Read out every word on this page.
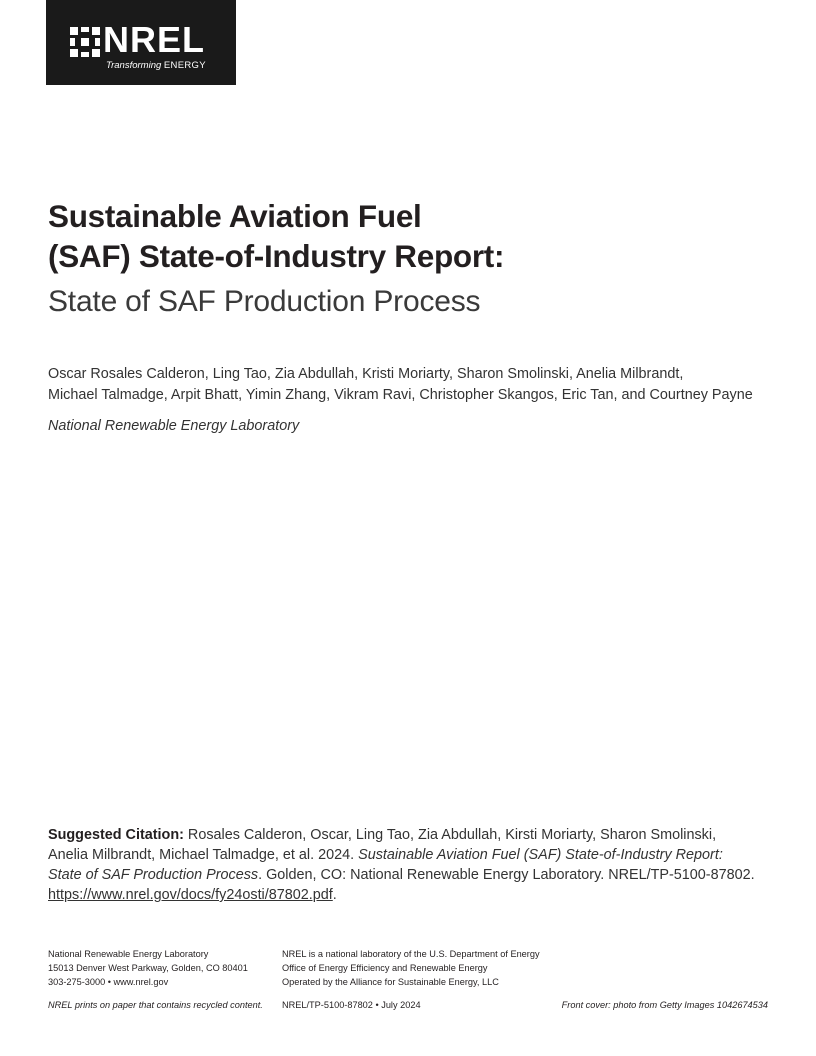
NREL
Transforming ENERGY
Sustainable Aviation Fuel
(SAF) State-of-Industry Report:
State of SAF Production Process
Oscar Rosales Calderon, Ling Tao, Zia Abdullah, Kristi Moriarty, Sharon Smolinski, Anelia Milbrandt,
Michael Talmadge, Arpit Bhatt, Yimin Zhang, Vikram Ravi, Christopher Skangos, Eric Tan, and Courtney Payne
National Renewable Energy Laboratory

Suggested Citation: Rosales Calderon, Oscar, Ling Tao, Zia Abdullah, Kirsti Moriarty, Sharon Smolinski, Anelia Milbrandt, Michael Talmadge, et al. 2024. Sustainable Aviation Fuel (SAF) State-of-Industry Report: State of SAF Production Process. Golden, CO: National Renewable Energy Laboratory. NREL/TP-5100-87802. https://www.nrel.gov/docs/fy24osti/87802.pdf.

National Renewable Energy Laboratory
15013 Denver West Parkway, Golden, CO 80401
303-275-3000 • www.nrel.gov
NREL is a national laboratory of the U.S. Department of Energy
Office of Energy Efficiency and Renewable Energy
Operated by the Alliance for Sustainable Energy, LLC
NREL prints on paper that contains recycled content. NREL/TP-5100-87802 • July 2024	Front cover: photo from Getty Images 1042674534
